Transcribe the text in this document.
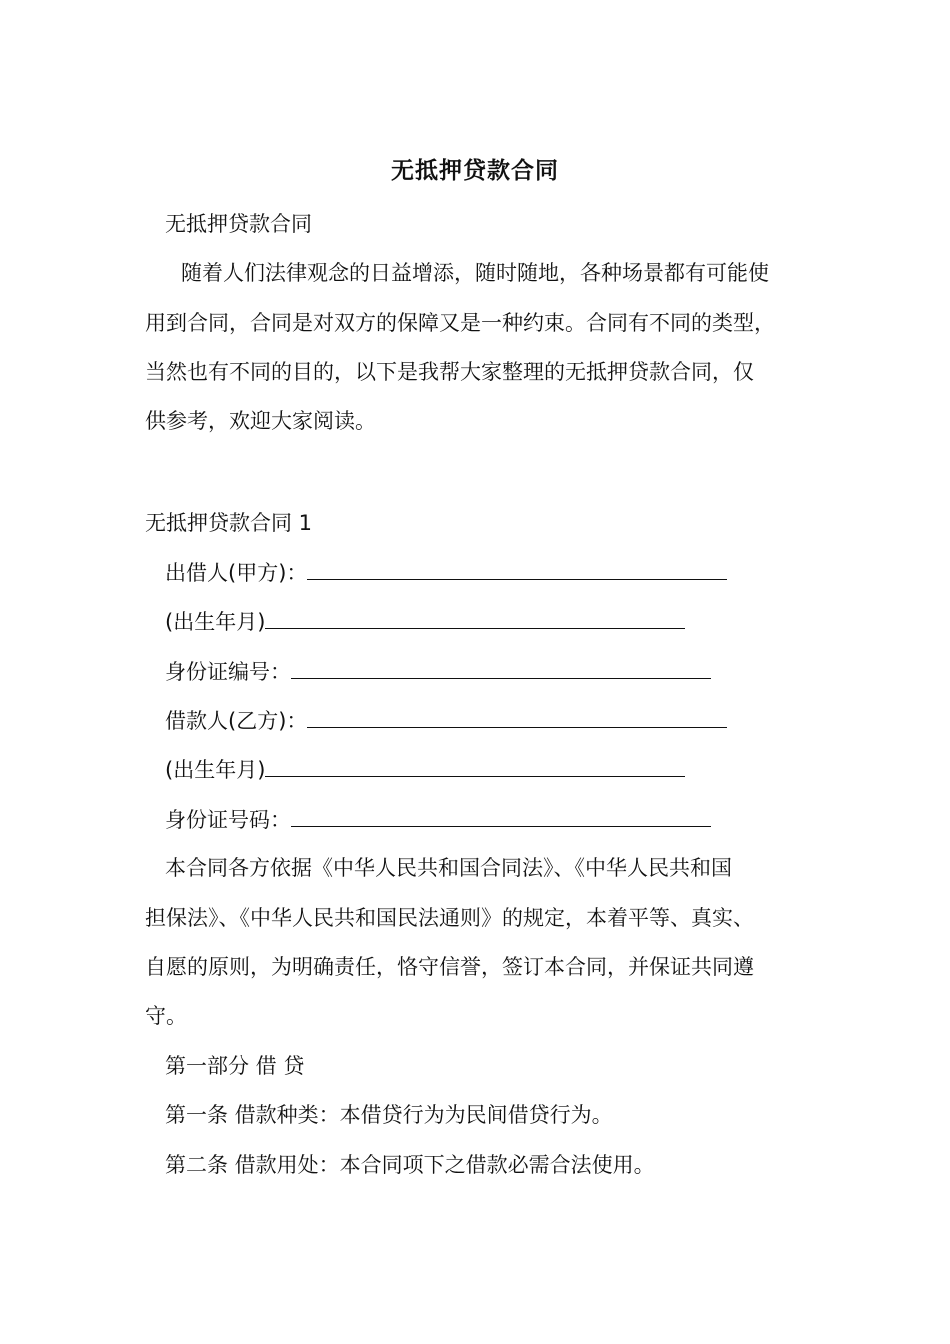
无抵押贷款合同
无抵押贷款合同
随着人们法律观念的日益增添，随时随地，各种场景都有可能使
用到合同，合同是对双方的保障又是一种约束。合同有不同的类型，
当然也有不同的目的，以下是我帮大家整理的无抵押贷款合同，仅
供参考，欢迎大家阅读。
无抵押贷款合同 1
出借人(甲方)：
(出生年月)
身份证编号：
借款人(乙方)：
(出生年月)
身份证号码：
本合同各方依据《中华人民共和国合同法》、《中华人民共和国
担保法》、《中华人民共和国民法通则》的规定，本着平等、真实、
自愿的原则，为明确责任，恪守信誉，签订本合同，并保证共同遵
守。
第一部分 借 贷
第一条 借款种类：本借贷行为为民间借贷行为。
第二条 借款用处：本合同项下之借款必需合法使用。
